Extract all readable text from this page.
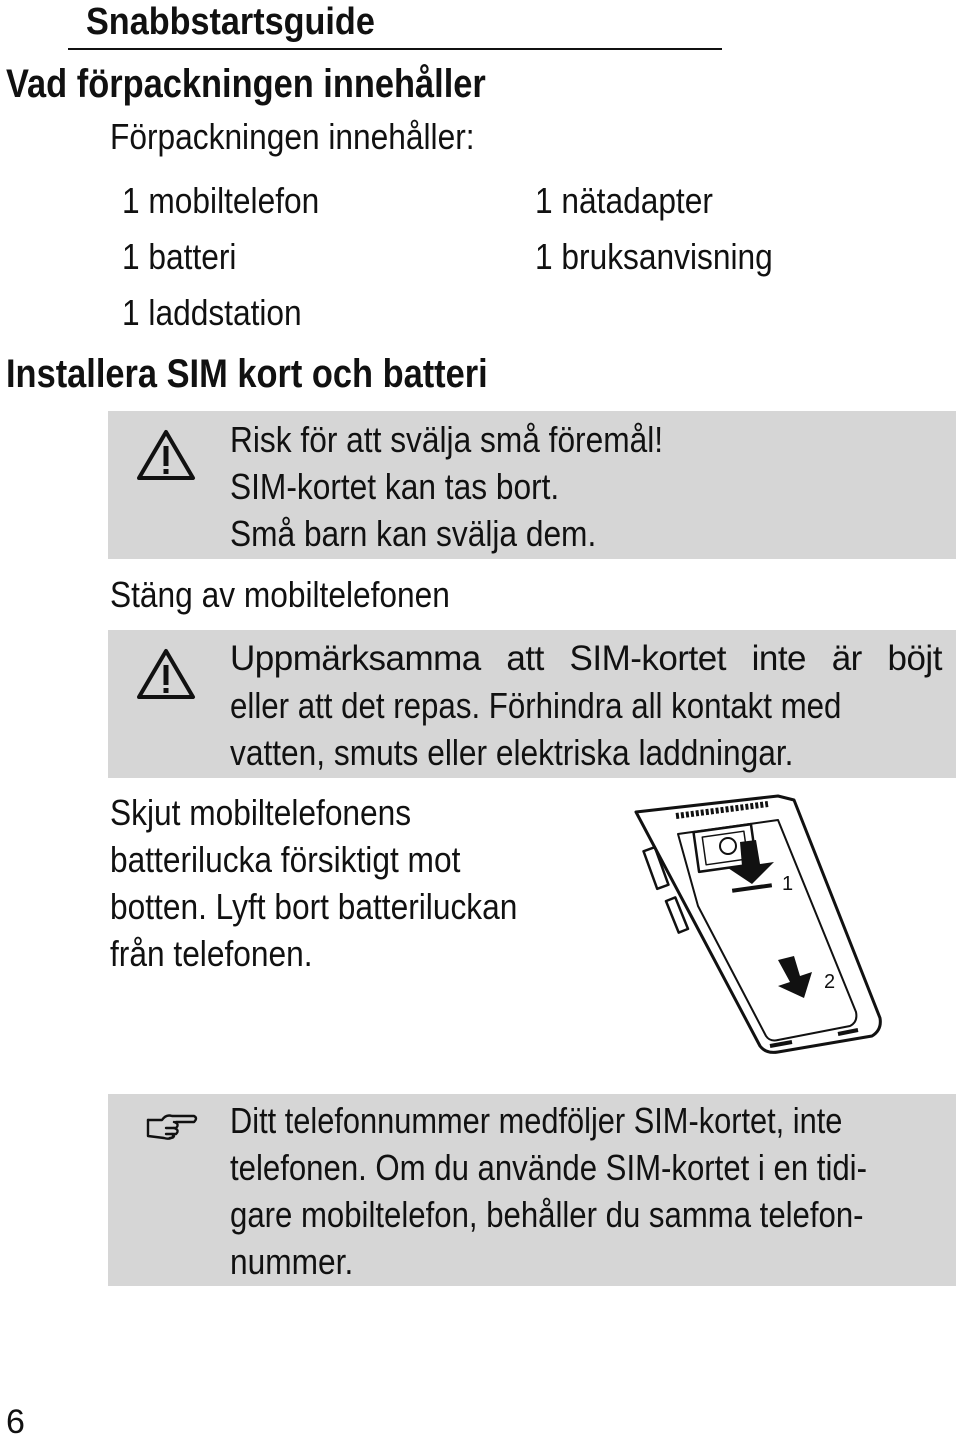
Snabbstartsguide
Vad förpackningen innehåller
Förpackningen innehåller:
1 mobiltelefon	1 nätadapter
1 batteri	1 bruksanvisning
1 laddstation
Installera SIM kort och batteri
Risk för att svälja små föremål!
SIM-kortet kan tas bort.
Små barn kan svälja dem.
Stäng av mobiltelefonen
Uppmärksamma att SIM-kortet inte är böjt
eller att det repas. Förhindra all kontakt med
vatten, smuts eller elektriska laddningar.
Skjut mobiltelefonens
batterilucka försiktigt mot
botten. Lyft bort batteriluckan
från telefonen.
1
2
Ditt telefonnummer medföljer SIM-kortet, inte
telefonen. Om du använde SIM-kortet i en tidi-
gare mobiltelefon, behåller du samma telefon-
nummer.
6
